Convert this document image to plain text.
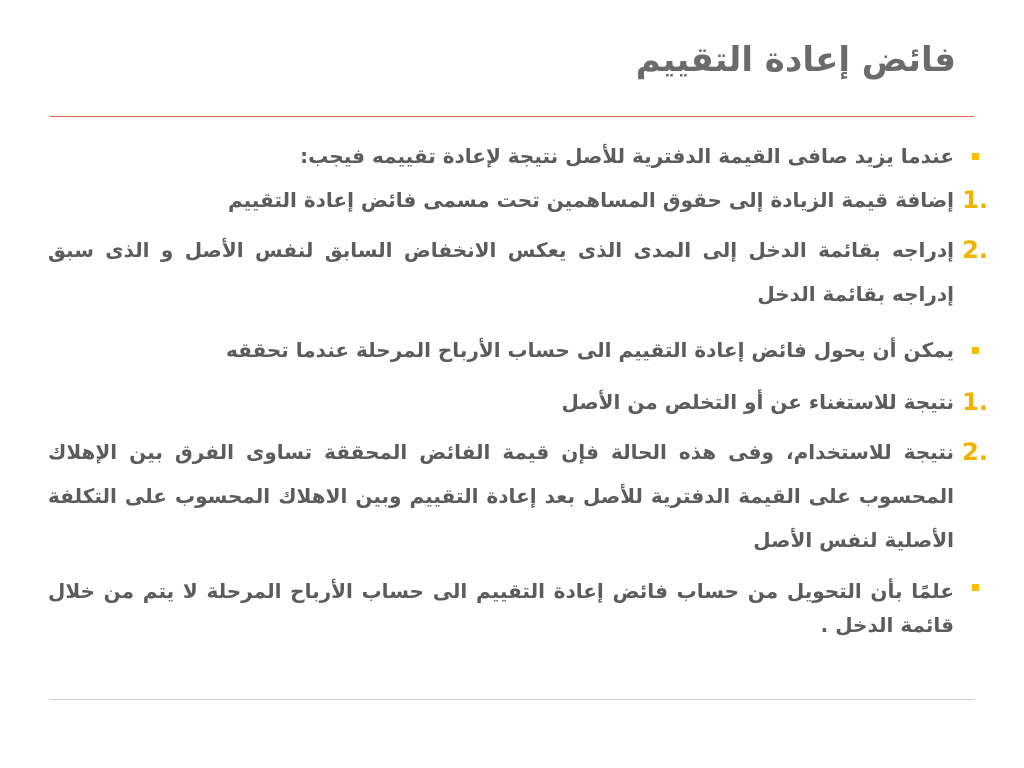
فائض إعادة التقييم
عندما يزيد صافى القيمة الدفترية للأصل نتيجة لإعادة تقييمه فيجب:
1.
إضافة قيمة الزيادة إلى حقوق المساهمين تحت مسمى فائض إعادة التقييم
2.
إدراجه بقائمة الدخل إلى المدى الذى يعكس الانخفاض السابق لنفس الأصل و الذى سبق إدراجه بقائمة الدخل
يمكن أن يحول فائض إعادة التقييم الى حساب الأرباح المرحلة عندما تحققه
1.
نتيجة للاستغناء عن أو التخلص من الأصل
2.
نتيجة للاستخدام، وفى هذه الحالة فإن قيمة الفائض المحققة تساوى الفرق بين الإهلاك المحسوب على القيمة الدفترية للأصل بعد إعادة التقييم وبين الاهلاك المحسوب على التكلفة الأصلية لنفس الأصل
علمًا بأن التحويل من حساب فائض إعادة التقييم الى حساب الأرباح المرحلة لا يتم من خلال قائمة الدخل .
